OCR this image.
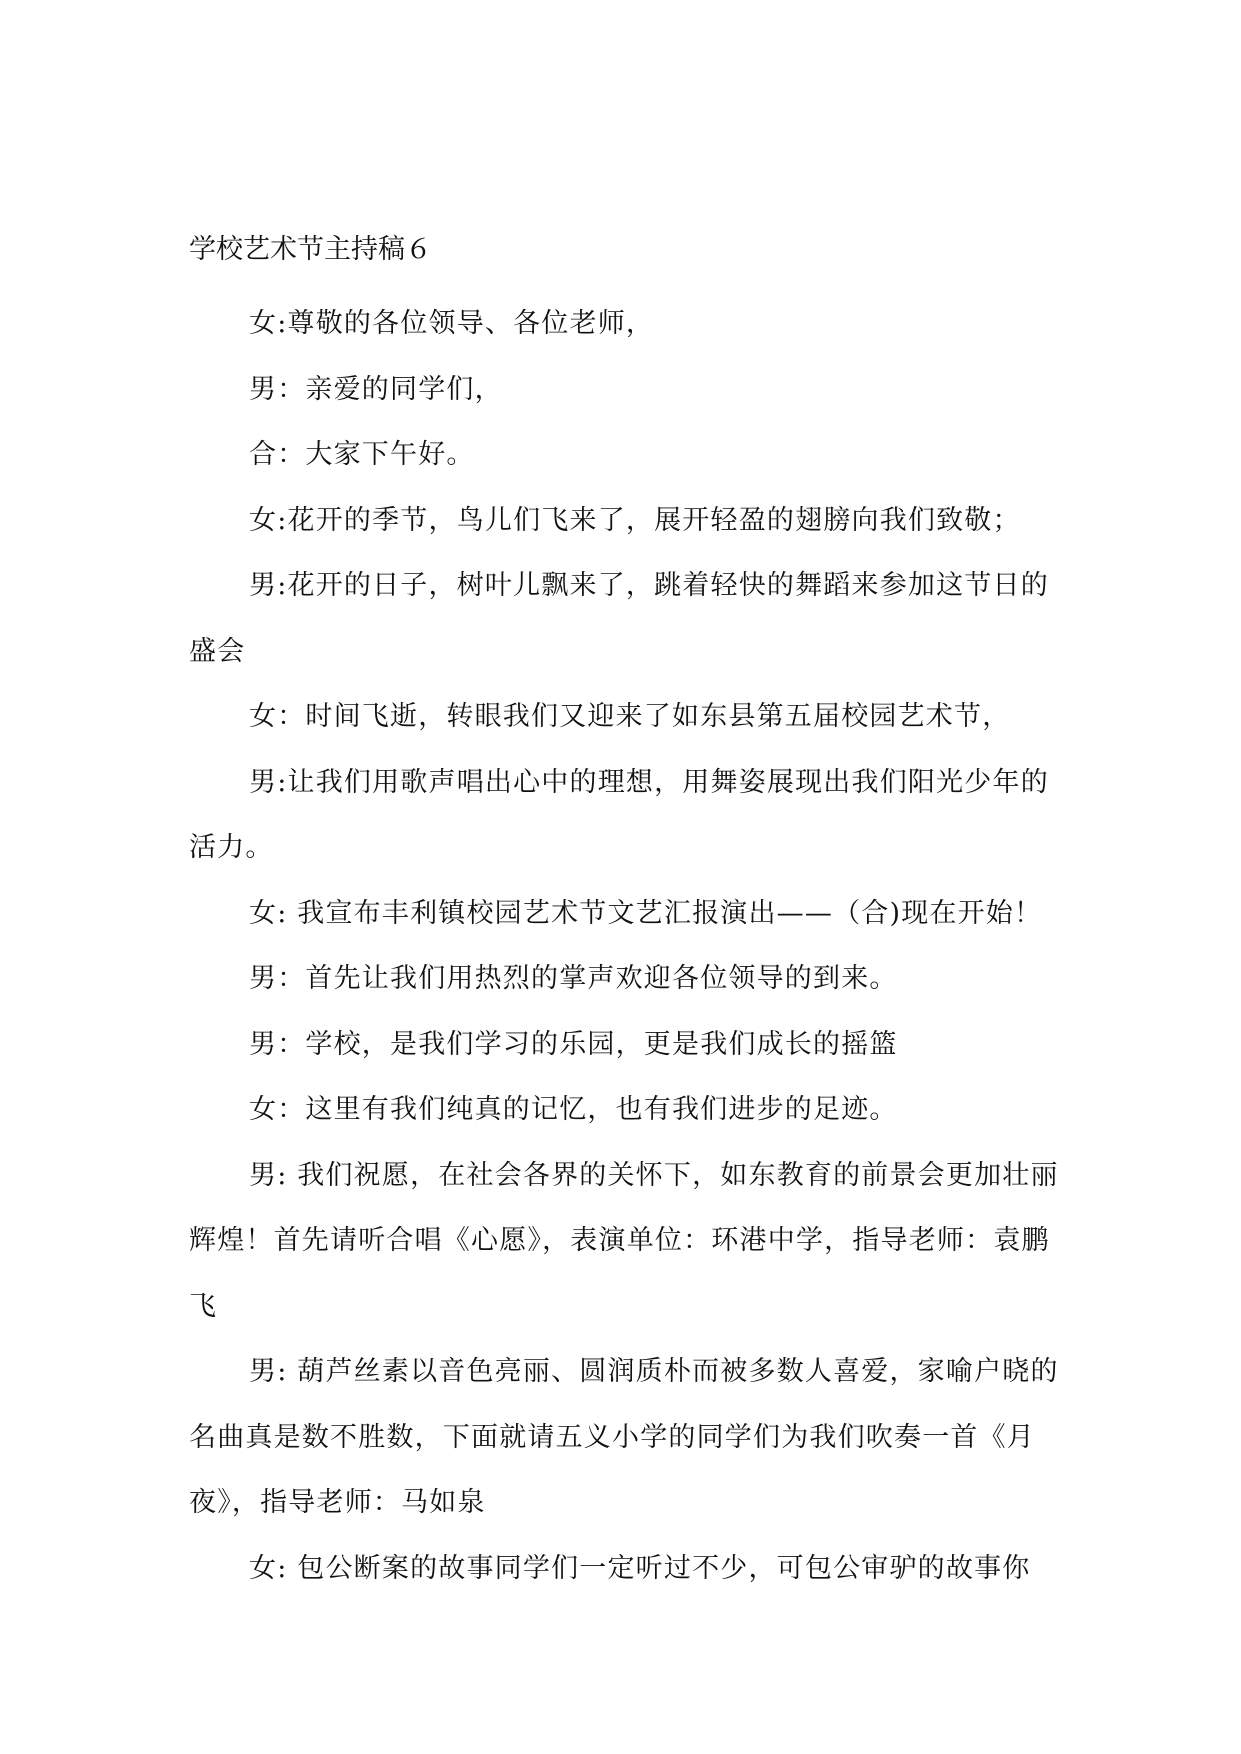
学校艺术节主持稿６

女:尊敬的各位领导、各位老师，

男：亲爱的同学们，

合：大家下午好。

女:花开的季节，鸟儿们飞来了，展开轻盈的翅膀向我们致敬；

男:花开的日子，树叶儿飘来了，跳着轻快的舞蹈来参加这节日的盛会

女：时间飞逝，转眼我们又迎来了如东县第五届校园艺术节，

男:让我们用歌声唱出心中的理想，用舞姿展现出我们阳光少年的活力。

女: 我宣布丰利镇校园艺术节文艺汇报演出——（合)现在开始！

男：首先让我们用热烈的掌声欢迎各位领导的到来。

男：学校，是我们学习的乐园，更是我们成长的摇篮

女：这里有我们纯真的记忆，也有我们进步的足迹。

男: 我们祝愿，在社会各界的关怀下，如东教育的前景会更加壮丽辉煌！首先请听合唱《心愿》，表演单位：环港中学，指导老师：袁鹏飞

男: 葫芦丝素以音色亮丽、圆润质朴而被多数人喜爱，家喻户晓的名曲真是数不胜数，下面就请五义小学的同学们为我们吹奏一首《月夜》，指导老师：马如泉

女: 包公断案的故事同学们一定听过不少，可包公审驴的故事你
